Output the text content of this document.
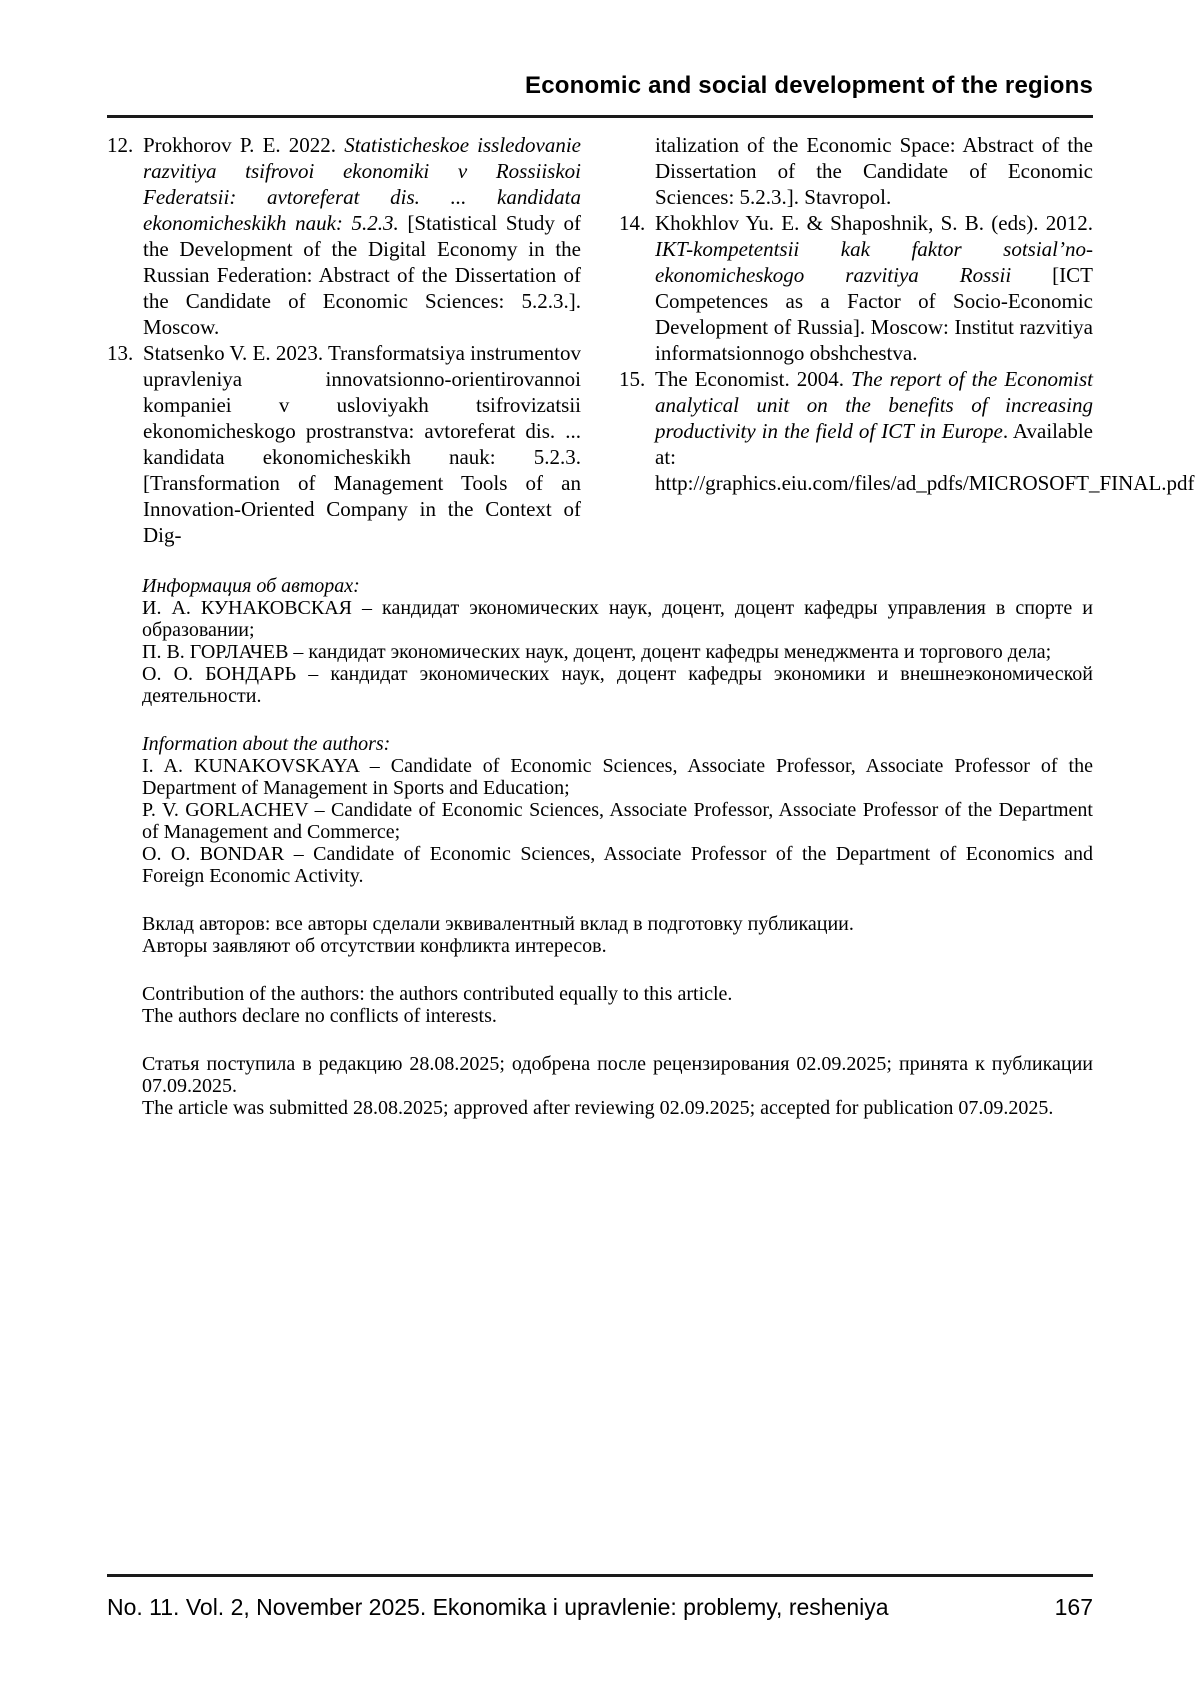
Economic and social development of the regions
12. Prokhorov P. E. 2022. Statisticheskoe issledovanie razvitiya tsifrovoi ekonomiki v Rossiiskoi Federatsii: avtoreferat dis. ... kandidata ekonomicheskikh nauk: 5.2.3. [Statistical Study of the Development of the Digital Economy in the Russian Federation: Abstract of the Dissertation of the Candidate of Economic Sciences: 5.2.3.]. Moscow.
13. Statsenko V. E. 2023. Transformatsiya instrumentov upravleniya innovatsionno-orientirovannoi kompaniei v usloviyakh tsifrovizatsii ekonomicheskogo prostranstva: avtoreferat dis. ... kandidata ekonomicheskikh nauk: 5.2.3. [Transformation of Management Tools of an Innovation-Oriented Company in the Context of Dig-
italization of the Economic Space: Abstract of the Dissertation of the Candidate of Economic Sciences: 5.2.3.]. Stavropol.
14. Khokhlov Yu. E. & Shaposhnik, S. B. (eds). 2012. IKT-kompetentsii kak faktor sotsial’no-ekonomicheskogo razvitiya Rossii [ICT Competences as a Factor of Socio-Economic Development of Russia]. Moscow: Institut razvitiya informatsionnogo obshchestva.
15. The Economist. 2004. The report of the Economist analytical unit on the benefits of increasing productivity in the field of ICT in Europe. Available at: http://graphics.eiu.com/files/ad_pdfs/MICROSOFT_FINAL.pdf

Информация об авторах:

И. А. КУНАКОВСКАЯ – кандидат экономических наук, доцент, доцент кафедры управления в спорте и образовании;

П. В. ГОРЛАЧЕВ – кандидат экономических наук, доцент, доцент кафедры менеджмента и торгового дела;

О. О. БОНДАРЬ – кандидат экономических наук, доцент кафедры экономики и внешнеэкономической деятельности.

Information about the authors:

I. A. KUNAKOVSKAYA – Candidate of Economic Sciences, Associate Professor, Associate Professor of the Department of Management in Sports and Education;

P. V. GORLACHEV – Candidate of Economic Sciences, Associate Professor, Associate Professor of the Department of Management and Commerce;

O. O. BONDAR – Candidate of Economic Sciences, Associate Professor of the Department of Economics and Foreign Economic Activity.

Вклад авторов: все авторы сделали эквивалентный вклад в подготовку публикации.

Авторы заявляют об отсутствии конфликта интересов.

Contribution of the authors: the authors contributed equally to this article.

The authors declare no conflicts of interests.

Статья поступила в редакцию 28.08.2025; одобрена после рецензирования 02.09.2025; принята к публикации 07.09.2025.

The article was submitted 28.08.2025; approved after reviewing 02.09.2025; accepted for publication 07.09.2025.

No. 11. Vol. 2, November 2025. Ekonomika i upravlenie: problemy, resheniya	167
